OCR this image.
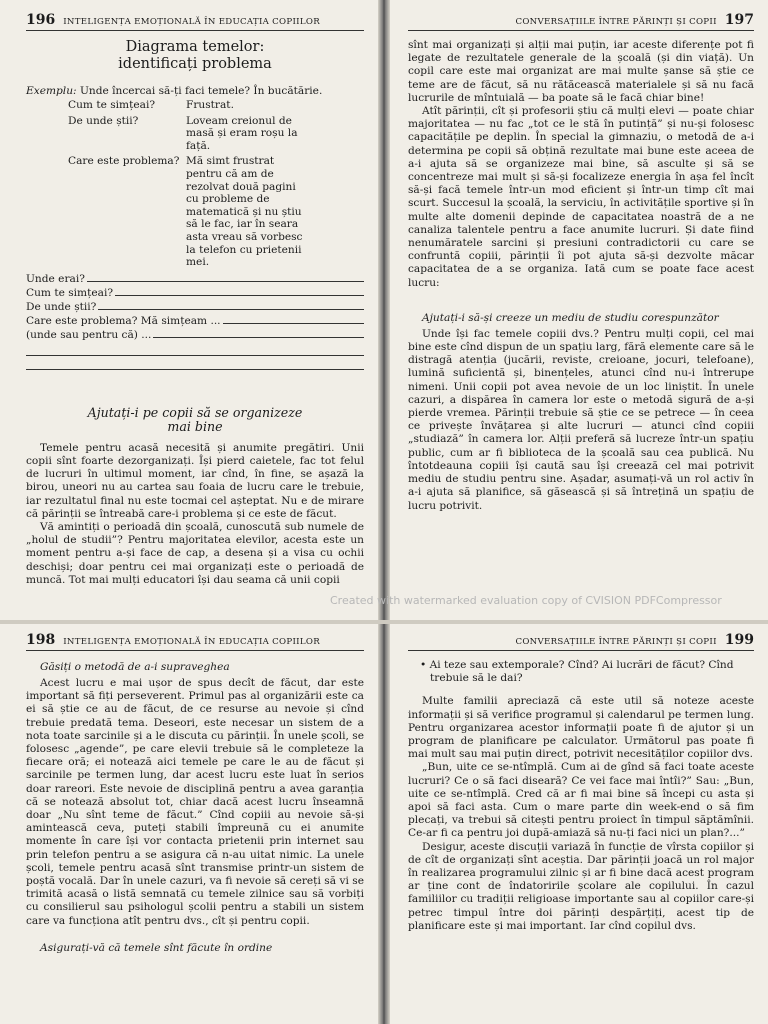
196 INTELIGENȚA EMOȚIONALĂ ÎN EDUCAȚIA COPIILOR
Diagrama temelor:
identificați problema
Exemplu: Unde încercai să-ți faci temele? În bucătărie.
Cum te simțeai?	Frustrat.
De unde știi?	Loveam creionul de masă și eram roșu la față.
Care este problema? Mă simt frustrat pentru că am de rezolvat două pagini cu probleme de matematică și nu știu să le fac, iar în seara asta vreau să vorbesc la telefon cu prietenii mei.
Unde erai?
Cum te simțeai?
De unde știi?
Care este problema? Mă simțeam ...
(unde sau pentru că) ...
Ajutați-i pe copii să se organizeze
mai bine

Temele pentru acasă necesită și anumite pregătiri. Unii copii sînt foarte dezorganizați. Își pierd caietele, fac tot felul de lucruri în ultimul moment, iar cînd, în fine, se așază la birou, uneori nu au cartea sau foaia de lucru care le trebuie, iar rezultatul final nu este tocmai cel așteptat. Nu e de mirare că părinții se întreabă care-i problema și ce este de făcut.

Vă amintiți o perioadă din școală, cunoscută sub numele de „holul de studii”? Pentru majoritatea elevilor, acesta este un moment pentru a-și face de cap, a desena și a visa cu ochii deschiși; doar pentru cei mai organizați este o perioadă de muncă. Tot mai mulți educatori își dau seama că unii copii

CONVERSAȚIILE ÎNTRE PĂRINȚI ȘI COPII 197

sînt mai organizați și alții mai puțin, iar aceste diferențe pot fi legate de rezultatele generale de la școală (și din viață). Un copil care este mai organizat are mai multe șanse să știe ce teme are de făcut, să nu rătăcească materialele și să nu facă lucrurile de mîntuială — ba poate să le facă chiar bine!

Atît părinții, cît și profesorii știu că mulți elevi — poate chiar majoritatea — nu fac „tot ce le stă în putință” și nu-și folosesc capacitățile pe deplin. În special la gimnaziu, o metodă de a-i determina pe copii să obțină rezultate mai bune este aceea de a-i ajuta să se organizeze mai bine, să asculte și să se concentreze mai mult și să-și focalizeze energia în așa fel încît să-și facă temele într-un mod eficient și într-un timp cît mai scurt. Succesul la școală, la serviciu, în activitățile sportive și în multe alte domenii depinde de capacitatea noastră de a ne canaliza talentele pentru a face anumite lucruri. Și date fiind nenumăratele sarcini și presiuni contradictorii cu care se confruntă copiii, părinții îi pot ajuta să-și dezvolte măcar capacitatea de a se organiza. Iată cum se poate face acest lucru:

Ajutați-i să-și creeze un mediu de studiu corespunzător

Unde își fac temele copiii dvs.? Pentru mulți copii, cel mai bine este cînd dispun de un spațiu larg, fără elemente care să le distragă atenția (jucării, reviste, creioane, jocuri, telefoane), lumină suficientă și, binențeles, atunci cînd nu-i întrerupe nimeni. Unii copii pot avea nevoie de un loc liniștit. În unele cazuri, a dispărea în camera lor este o metodă sigură de a-și pierde vremea. Părinții trebuie să știe ce se petrece — în ceea ce privește învățarea și alte lucruri — atunci cînd copiii „studiază” în camera lor. Alții preferă să lucreze într-un spațiu public, cum ar fi biblioteca de la școală sau cea publică. Nu întotdeauna copiii își caută sau își creează cel mai potrivit mediu de studiu pentru sine. Așadar, asumați-vă un rol activ în a-i ajuta să planifice, să găsească și să întrețină un spațiu de lucru potrivit.

Created with watermarked evaluation copy of CVISION PDFCompressor
198 INTELIGENȚA EMOȚIONALĂ ÎN EDUCAȚIA COPIILOR
Găsiți o metodă de a-i supraveghea

Acest lucru e mai ușor de spus decît de făcut, dar este important să fiți perseverent. Primul pas al organizării este ca ei să știe ce au de făcut, de ce resurse au nevoie și cînd trebuie predată tema. Deseori, este necesar un sistem de a nota toate sarcinile și a le discuta cu părinții. În unele școli, se folosesc „agende”, pe care elevii trebuie să le completeze la fiecare oră; ei notează aici temele pe care le au de făcut și sarcinile pe termen lung, dar acest lucru este luat în serios doar rareori. Este nevoie de disciplină pentru a avea garanția că se notează absolut tot, chiar dacă acest lucru înseamnă doar „Nu sînt teme de făcut.” Cînd copiii au nevoie să-și amintească ceva, puteți stabili împreună cu ei anumite momente în care își vor contacta prietenii prin internet sau prin telefon pentru a se asigura că n-au uitat nimic. La unele școli, temele pentru acasă sînt transmise printr-un sistem de poștă vocală. Dar în unele cazuri, va fi nevoie să cereți să vi se trimită acasă o listă semnată cu temele zilnice sau să vorbiți cu consilierul sau psihologul școlii pentru a stabili un sistem care va funcționa atît pentru dvs., cît și pentru copii.

Asigurați-vă că temele sînt făcute în ordine
CONVERSAȚIILE ÎNTRE PĂRINȚI ȘI COPII 199

• Ai teze sau extemporale? Cînd? Ai lucrări de făcut? Cînd trebuie să le dai?

Multe familii apreciază că este util să noteze aceste informații și să verifice programul și calendarul pe termen lung. Pentru organizarea acestor informații poate fi de ajutor și un program de planificare pe calculator. Următorul pas poate fi mai mult sau mai puțin direct, potrivit necesităților copiilor dvs.

„Bun, uite ce se-ntîmplă. Cum ai de gînd să faci toate aceste lucruri? Ce o să faci diseară? Ce vei face mai întîi?” Sau: „Bun, uite ce se-ntîmplă. Cred că ar fi mai bine să începi cu asta și apoi să faci asta. Cum o mare parte din week-end o să fim plecați, va trebui să citești pentru proiect în timpul săptămînii. Ce-ar fi ca pentru joi după-amiază să nu-ți faci nici un plan?...”

Desigur, aceste discuții variază în funcție de vîrsta copiilor și de cît de organizați sînt aceștia. Dar părinții joacă un rol major în realizarea programului zilnic și ar fi bine dacă acest program ar ține cont de îndatoririle școlare ale copilului. În cazul familiilor cu tradiții religioase importante sau al copiilor care-și petrec timpul între doi părinți despărțiți, acest tip de planificare este și mai important. Iar cînd copilul dvs.
